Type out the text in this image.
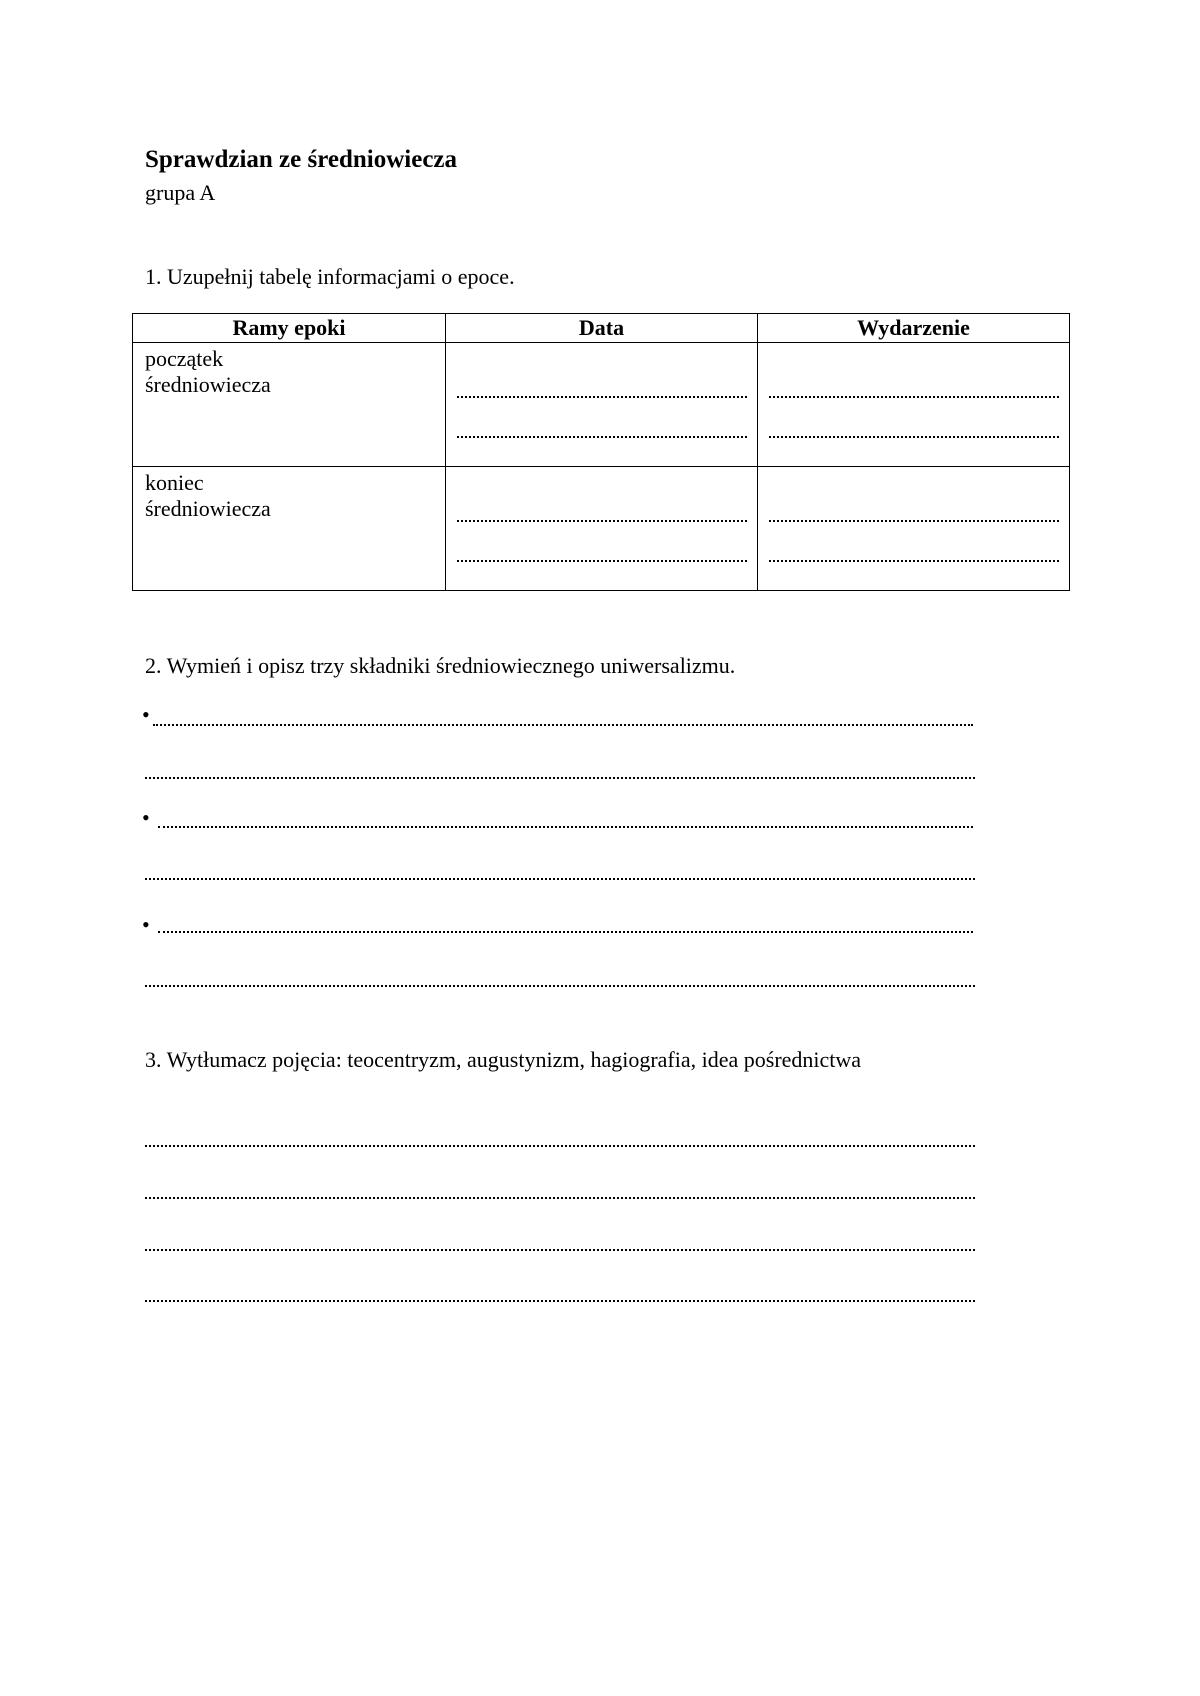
Sprawdzian ze średniowiecza
grupa A
1. Uzupełnij tabelę informacjami o epoce.
Ramy epoki	Data	Wydarzenie

początek
średniowiecza		

koniec
średniowiecza		

2. Wymień i opisz trzy składniki średniowiecznego uniwersalizmu.
•
•
•
3. Wytłumacz pojęcia: teocentryzm, augustynizm, hagiografia, idea pośrednictwa
